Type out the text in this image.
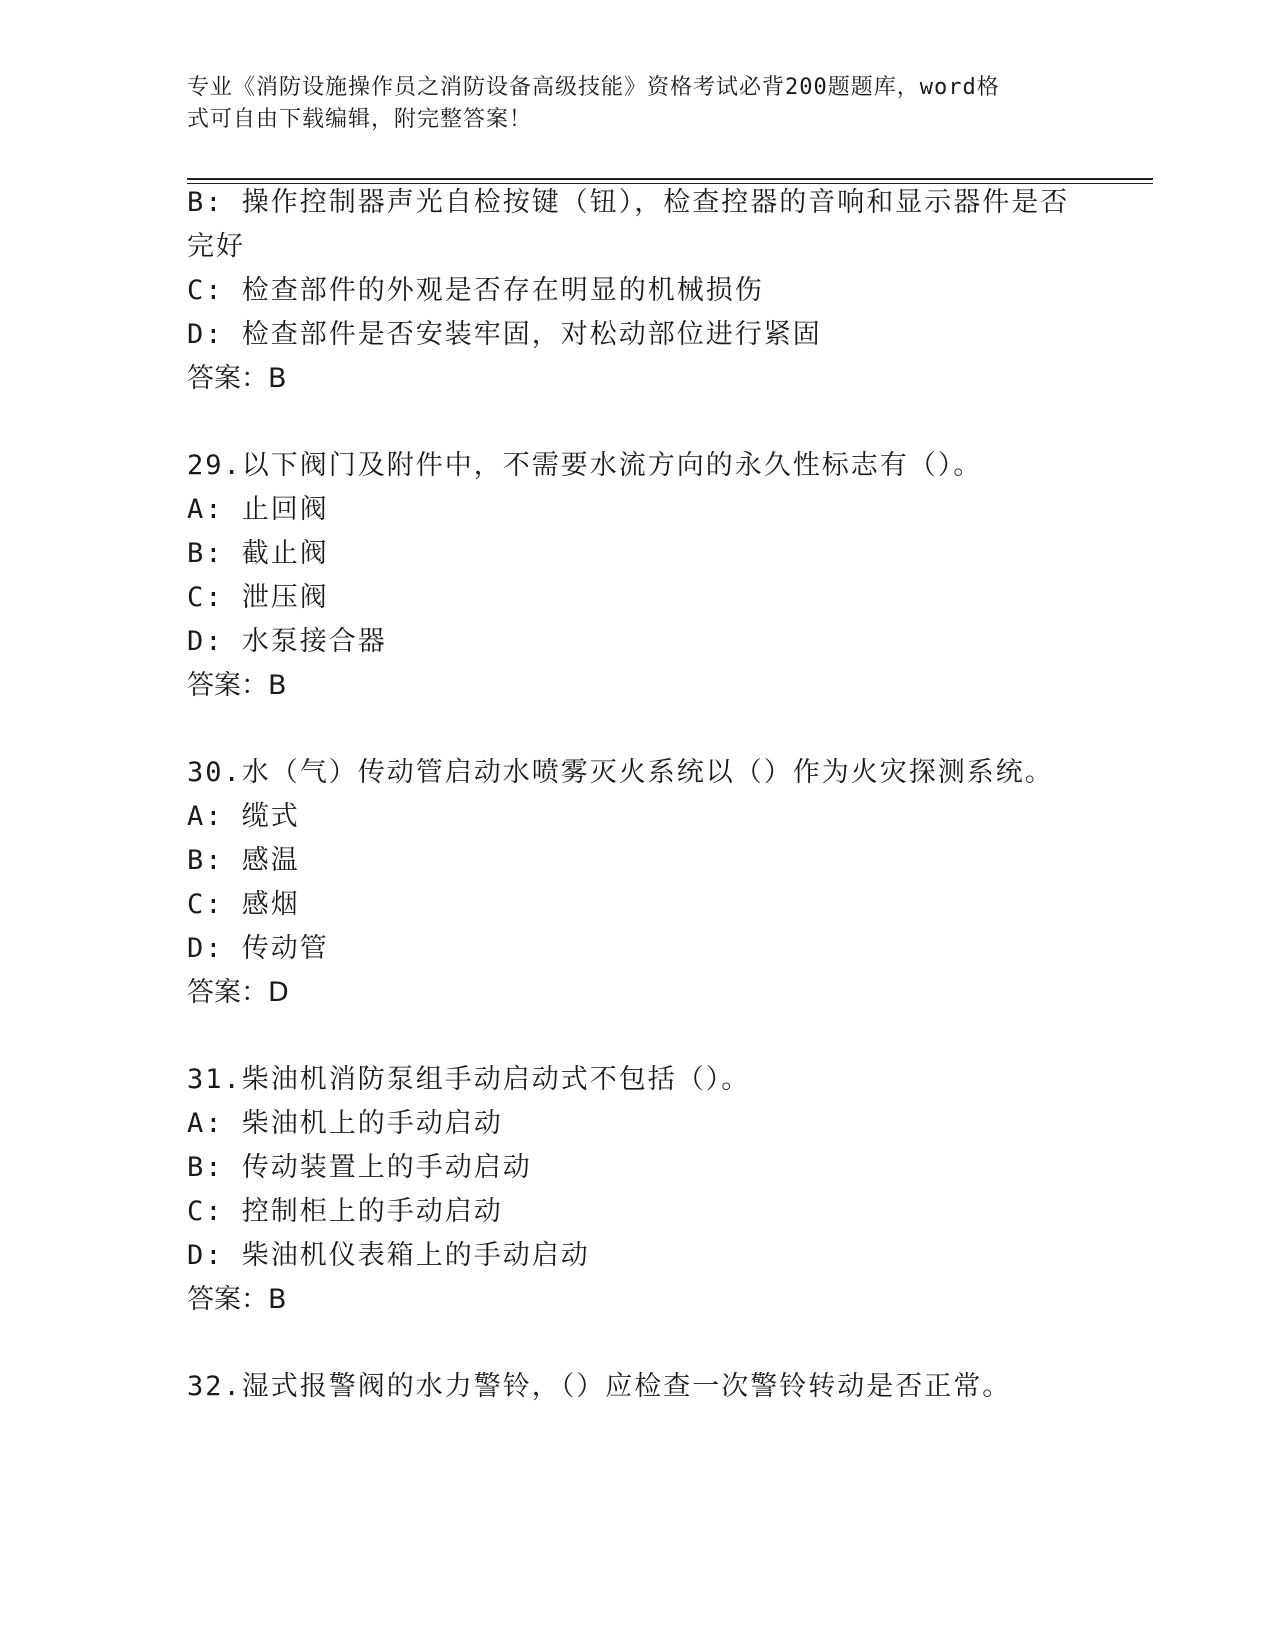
专业《消防设施操作员之消防设备高级技能》资格考试必背200题题库，word格
式可自由下载编辑，附完整答案！
B: 操作控制器声光自检按键（钮），检查控器的音响和显示器件是否
完好
C: 检查部件的外观是否存在明显的机械损伤
D: 检查部件是否安装牢固，对松动部位进行紧固
答案：B
29.以下阀门及附件中，不需要水流方向的永久性标志有（）。
A: 止回阀
B: 截止阀
C: 泄压阀
D: 水泵接合器
答案：B
30.水（气）传动管启动水喷雾灭火系统以（）作为火灾探测系统。
A: 缆式
B: 感温
C: 感烟
D: 传动管
答案：D
31.柴油机消防泵组手动启动式不包括（）。
A: 柴油机上的手动启动
B: 传动装置上的手动启动
C: 控制柜上的手动启动
D: 柴油机仪表箱上的手动启动
答案：B
32.湿式报警阀的水力警铃，（）应检查一次警铃转动是否正常。
